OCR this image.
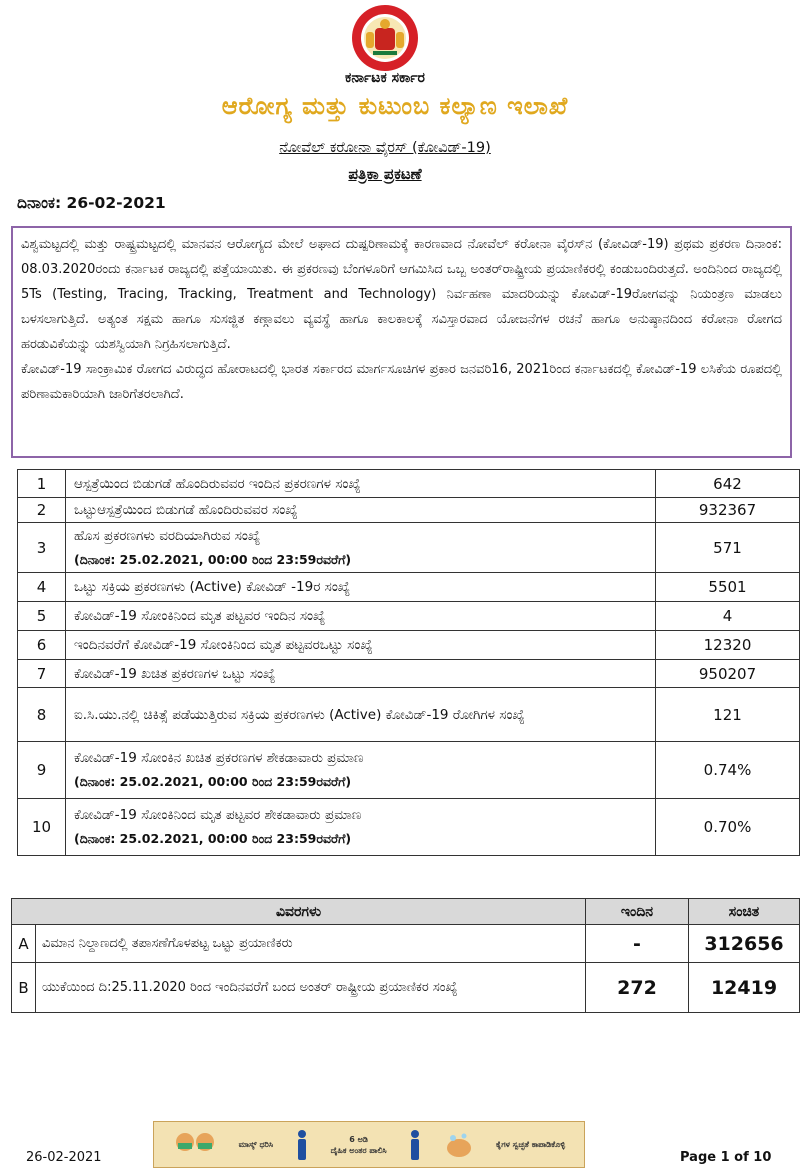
ಕರ್ನಾಟಕ ಸರ್ಕಾರ
ಆರೋಗ್ಯ ಮತ್ತು ಕುಟುಂಬ ಕಲ್ಯಾಣ ಇಲಾಖೆ
ನೋವೆಲ್ ಕರೋನಾ ವೈರಸ್ (ಕೋವಿಡ್-19)
ಪತ್ರಿಕಾ ಪ್ರಕಟಣೆ
ದಿನಾಂಕ: 26-02-2021

ವಿಶ್ವಮಟ್ಟದಲ್ಲಿ ಮತ್ತು ರಾಷ್ಟ್ರಮಟ್ಟದಲ್ಲಿ ಮಾನವನ ಆರೋಗ್ಯದ ಮೇಲೆ ಅಘಾದ ದುಷ್ಪರಿಣಾಮಕ್ಕೆ ಕಾರಣವಾದ ನೋವೆಲ್ ಕರೋನಾ ವೈರಸ್‌ನ (ಕೋವಿಡ್-19) ಪ್ರಥಮ ಪ್ರಕರಣ ದಿನಾಂಕ: 08.03.2020ರಂದು ಕರ್ನಾಟಕ ರಾಜ್ಯದಲ್ಲಿ ಪತ್ತೆಯಾಯಿತು. ಈ ಪ್ರಕರಣವು ಬೆಂಗಳೂರಿಗೆ ಆಗಮಿಸಿದ ಒಬ್ಬ ಅಂತರ್‌ರಾಷ್ಟ್ರೀಯ ಪ್ರಯಾಣಿಕರಲ್ಲಿ ಕಂಡುಬಂದಿರುತ್ತದೆ. ಅಂದಿನಿಂದ ರಾಜ್ಯದಲ್ಲಿ 5Ts (Testing, Tracing, Tracking, Treatment and Technology) ನಿರ್ವಹಣಾ ಮಾದರಿಯನ್ನು ಕೋವಿಡ್-19ರೋಗವನ್ನು ನಿಯಂತ್ರಣ ಮಾಡಲು ಬಳಸಲಾಗುತ್ತಿದೆ. ಅತ್ಯಂತ ಸಕ್ಷಮ ಹಾಗೂ ಸುಸಜ್ಜಿತ ಕಣ್ಗಾವಲು ವ್ಯವಸ್ಥೆ ಹಾಗೂ ಕಾಲಕಾಲಕ್ಕೆ ಸವಿಸ್ತಾರವಾದ ಯೋಜನೆಗಳ ರಚನೆ ಹಾಗೂ ಅನುಷ್ಠಾನದಿಂದ ಕರೋನಾ ರೋಗದ ಹರಡುವಿಕೆಯನ್ನು ಯಶಸ್ವಿಯಾಗಿ ನಿಗ್ರಹಿಸಲಾಗುತ್ತಿದೆ.

ಕೋವಿಡ್-19 ಸಾಂಕ್ರಾಮಿಕ ರೋಗದ ವಿರುದ್ಧದ ಹೋರಾಟದಲ್ಲಿ ಭಾರತ ಸರ್ಕಾರದ ಮಾರ್ಗಸೂಚಿಗಳ ಪ್ರಕಾರ ಜನವರಿ16, 2021ರಿಂದ ಕರ್ನಾಟಕದಲ್ಲಿ ಕೋವಿಡ್-19 ಲಸಿಕೆಯ ರೂಪದಲ್ಲಿ ಪರಿಣಾಮಕಾರಿಯಾಗಿ ಜಾರಿಗೆತರಲಾಗಿದೆ.

1	ಆಸ್ಪತ್ರೆಯಿಂದ ಬಿಡುಗಡೆ ಹೊಂದಿರುವವರ ಇಂದಿನ ಪ್ರಕರಣಗಳ ಸಂಖ್ಯೆ	642
2	ಒಟ್ಟುಆಸ್ಪತ್ರೆಯಿಂದ ಬಿಡುಗಡೆ ಹೊಂದಿರುವವರ ಸಂಖ್ಯೆ	932367
3	ಹೊಸ ಪ್ರಕರಣಗಳು ವರದಿಯಾಗಿರುವ ಸಂಖ್ಯೆ
(ದಿನಾಂಕ: 25.02.2021, 00:00 ರಿಂದ 23:59ರವರೆಗೆ)	571
4	ಒಟ್ಟು ಸಕ್ರಿಯ ಪ್ರಕರಣಗಳು (Active) ಕೋವಿಡ್ -19ರ ಸಂಖ್ಯೆ	5501
5	ಕೋವಿಡ್-19 ಸೋಂಕಿನಿಂದ ಮೃತ ಪಟ್ಟವರ ಇಂದಿನ ಸಂಖ್ಯೆ	4
6	ಇಂದಿನವರೆಗೆ ಕೋವಿಡ್-19 ಸೋಂಕಿನಿಂದ ಮೃತ ಪಟ್ಟವರಒಟ್ಟು ಸಂಖ್ಯೆ	12320
7	ಕೋವಿಡ್-19 ಖಚಿತ ಪ್ರಕರಣಗಳ ಒಟ್ಟು ಸಂಖ್ಯೆ	950207
8	ಐ.ಸಿ.ಯು.ನಲ್ಲಿ ಚಿಕಿತ್ಸೆ ಪಡೆಯುತ್ತಿರುವ ಸಕ್ರಿಯ ಪ್ರಕರಣಗಳು (Active) ಕೋವಿಡ್-19 ರೋಗಿಗಳ ಸಂಖ್ಯೆ	121
9	ಕೋವಿಡ್-19 ಸೋಂಕಿನ ಖಚಿತ ಪ್ರಕರಣಗಳ ಶೇಕಡಾವಾರು ಪ್ರಮಾಣ
(ದಿನಾಂಕ: 25.02.2021, 00:00 ರಿಂದ 23:59ರವರೆಗೆ)	0.74%
10	ಕೋವಿಡ್-19 ಸೋಂಕಿನಿಂದ ಮೃತ ಪಟ್ಟವರ ಶೇಕಡಾವಾರು ಪ್ರಮಾಣ
(ದಿನಾಂಕ: 25.02.2021, 00:00 ರಿಂದ 23:59ರವರೆಗೆ)	0.70%
ವಿವರಗಳು		ಇಂದಿನ	ಸಂಚಿತ
A	ವಿಮಾನ ನಿಲ್ದಾಣದಲ್ಲಿ ತಪಾಸಣೆಗೊಳಪಟ್ಟ ಒಟ್ಟು ಪ್ರಯಾಣಿಕರು	-	312656
B	ಯುಕೆಯಿಂದ ದಿ:25.11.2020 ರಿಂದ ಇಂದಿನವರೆಗೆ ಬಂದ ಅಂತರ್ ರಾಷ್ಟ್ರೀಯ ಪ್ರಯಾಣಿಕರ ಸಂಖ್ಯೆ	272	12419
26-02-2021
ಮಾಸ್ಕ್ ಧರಿಸಿ
6 ಅಡಿ
ದೈಹಿಕ ಅಂತರ ಪಾಲಿಸಿ
ಕೈಗಳ ಸ್ವಚ್ಛತೆ ಕಾಪಾಡಿಕೊಳ್ಳಿ
Page 1 of 10
